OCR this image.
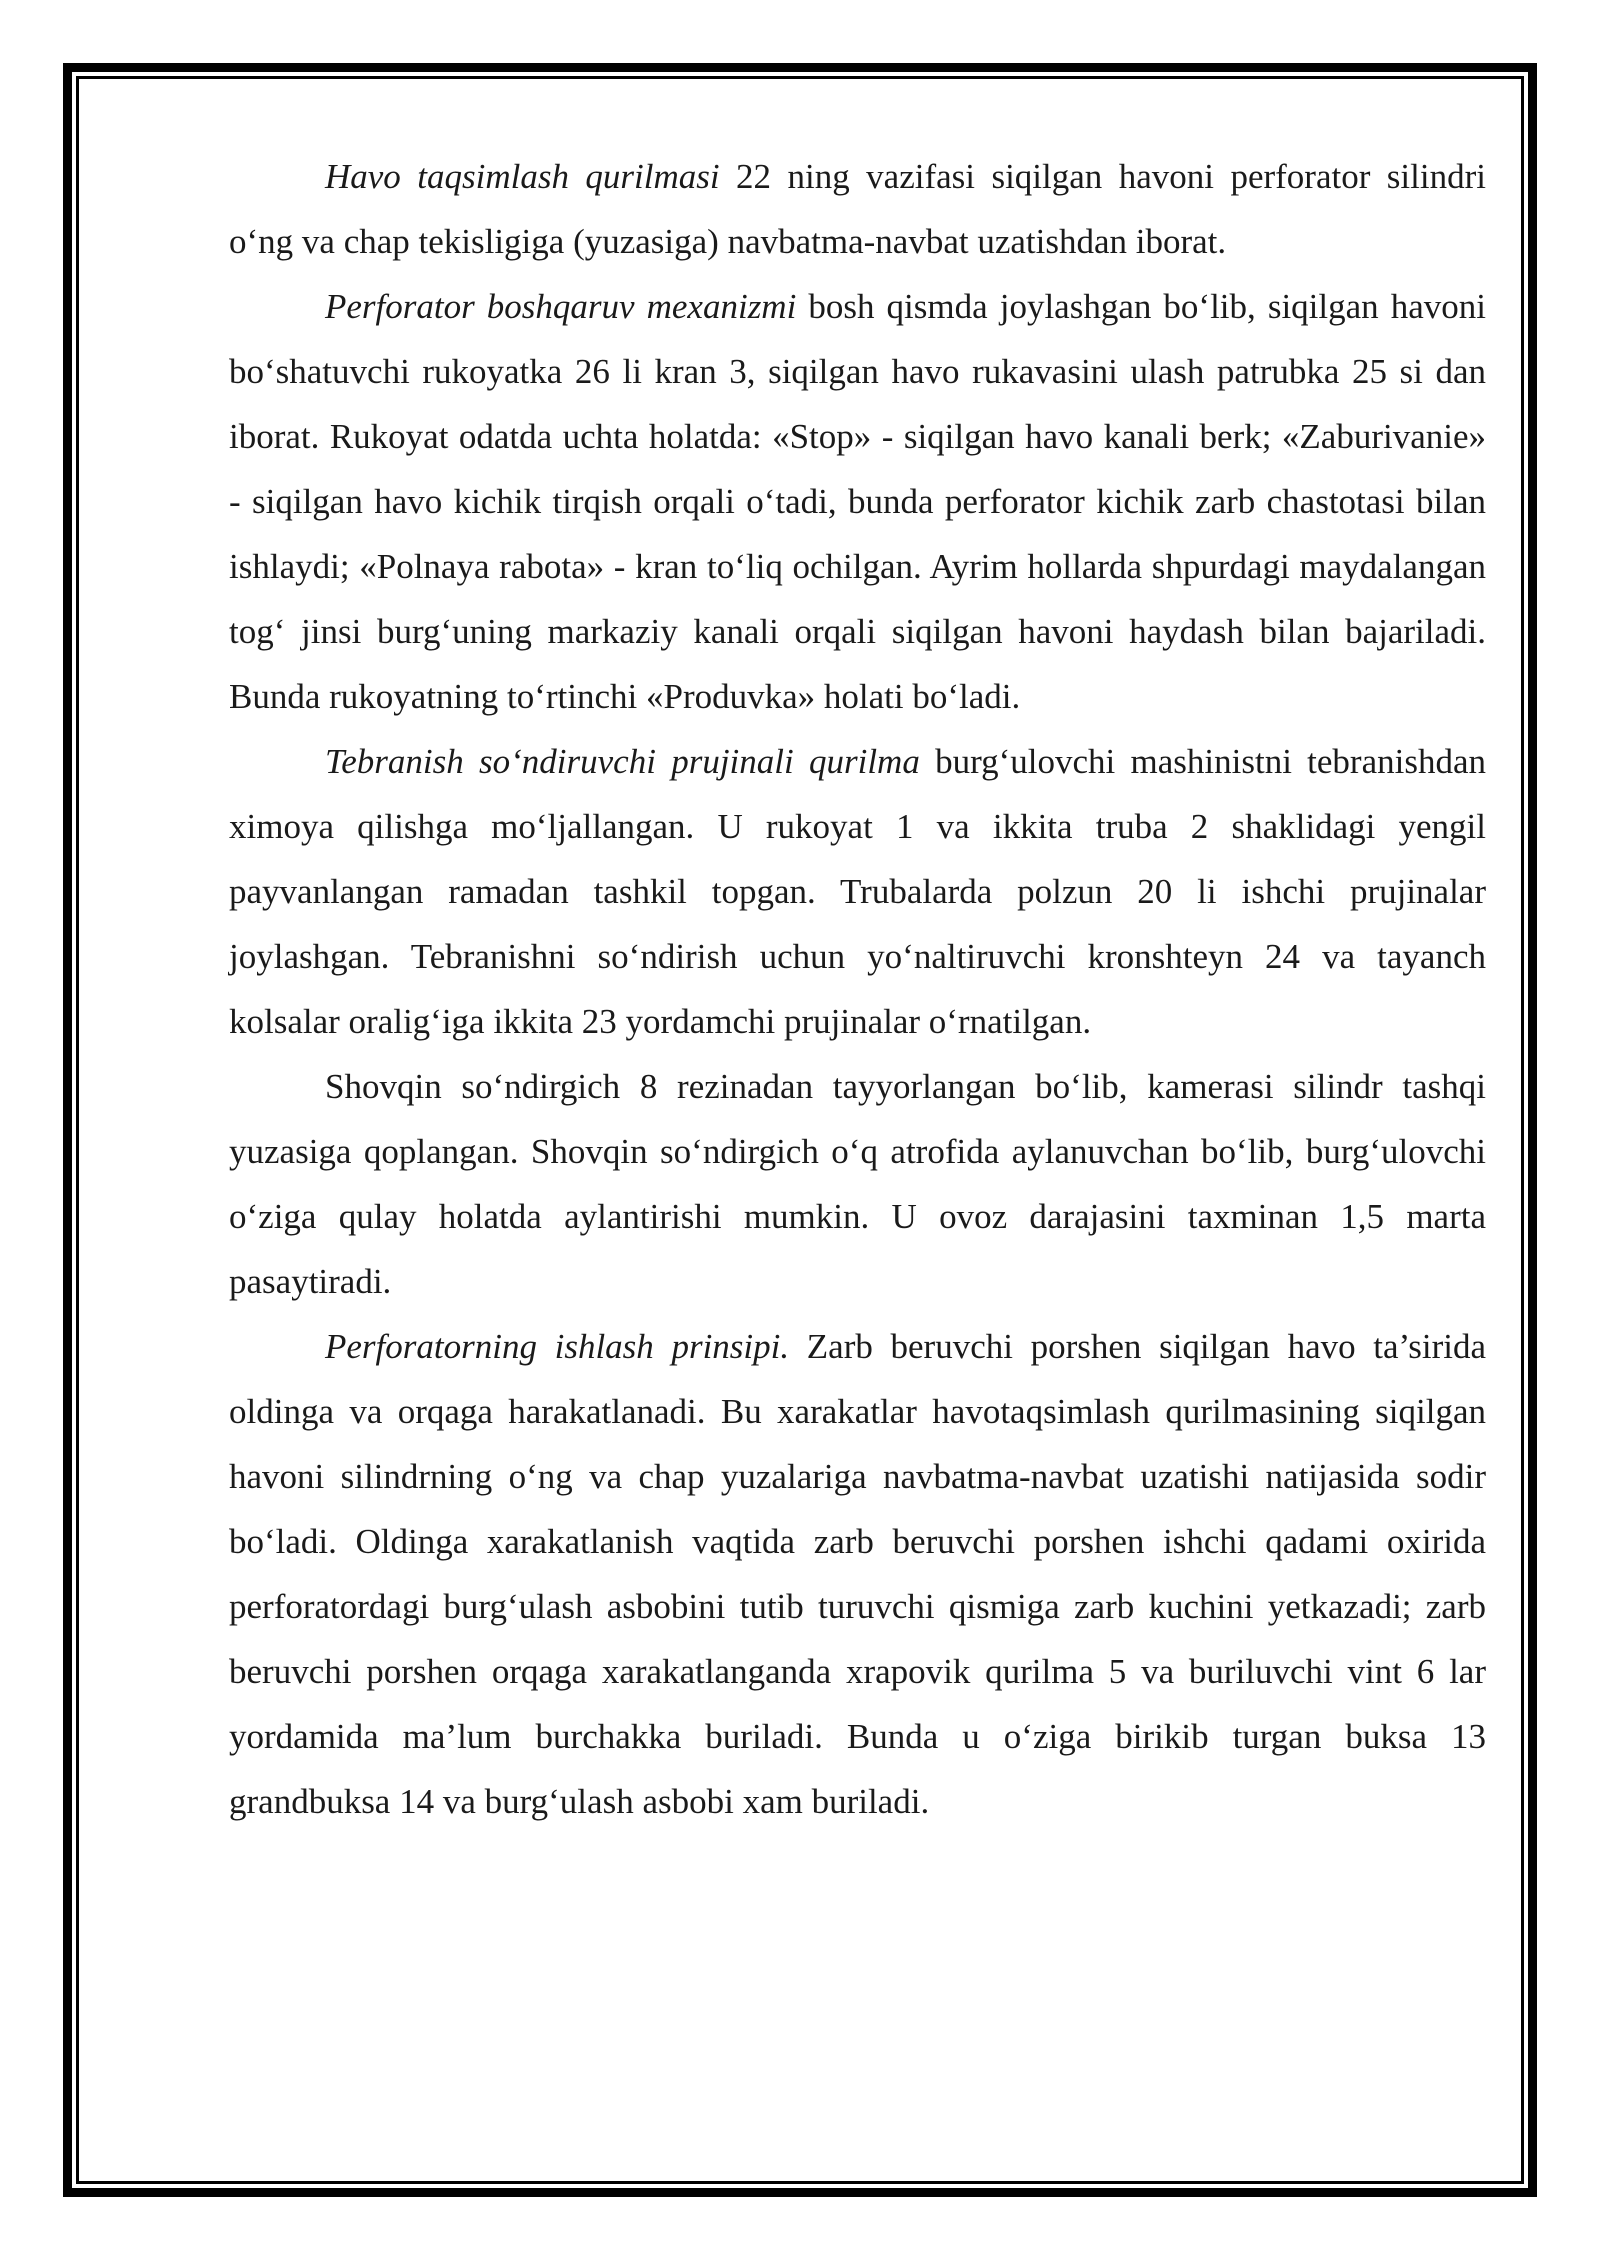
Havo taqsimlash qurilmasi 22 ning vazifasi siqilgan havoni perforator silindri o‘ng va chap tekisligiga (yuzasiga) navbatma-navbat uzatishdan iborat.

Perforator boshqaruv mexanizmi bosh qismda joylashgan bo‘lib, siqilgan havoni bo‘shatuvchi rukoyatka 26 li kran 3, siqilgan havo rukavasini ulash patrubka 25 si dan iborat. Rukoyat odatda uchta holatda: «Stop» - siqilgan havo kanali berk; «Zaburivanie» - siqilgan havo kichik tirqish orqali o‘tadi, bunda perforator kichik zarb chastotasi bilan ishlaydi; «Polnaya rabota» - kran to‘liq ochilgan. Ayrim hollarda shpurdagi maydalangan tog‘ jinsi burg‘uning markaziy kanali orqali siqilgan havoni haydash bilan bajariladi. Bunda rukoyatning to‘rtinchi «Produvka» holati bo‘ladi.

Tebranish so‘ndiruvchi prujinali qurilma burg‘ulovchi mashinistni tebranishdan ximoya qilishga mo‘ljallangan. U rukoyat 1 va ikkita truba 2 shaklidagi yengil payvanlangan ramadan tashkil topgan. Trubalarda polzun 20 li ishchi prujinalar joylashgan. Tebranishni so‘ndirish uchun yo‘naltiruvchi kronshteyn 24 va tayanch kolsalar oralig‘iga ikkita 23 yordamchi prujinalar o‘rnatilgan.

Shovqin so‘ndirgich 8 rezinadan tayyorlangan bo‘lib, kamerasi silindr tashqi yuzasiga qoplangan. Shovqin so‘ndirgich o‘q atrofida aylanuvchan bo‘lib, burg‘ulovchi o‘ziga qulay holatda aylantirishi mumkin. U ovoz darajasini taxminan 1,5 marta pasaytiradi.

Perforatorning ishlash prinsipi. Zarb beruvchi porshen siqilgan havo ta’sirida oldinga va orqaga harakatlanadi. Bu xarakatlar havotaqsimlash qurilmasining siqilgan havoni silindrning o‘ng va chap yuzalariga navbatma-navbat uzatishi natijasida sodir bo‘ladi. Oldinga xarakatlanish vaqtida zarb beruvchi porshen ishchi qadami oxirida perforatordagi burg‘ulash asbobini tutib turuvchi qismiga zarb kuchini yetkazadi; zarb beruvchi porshen orqaga xarakatlanganda xrapovik qurilma 5 va buriluvchi vint 6 lar yordamida ma’lum burchakka buriladi. Bunda u o‘ziga birikib turgan buksa 13 grandbuksa 14 va burg‘ulash asbobi xam buriladi.
